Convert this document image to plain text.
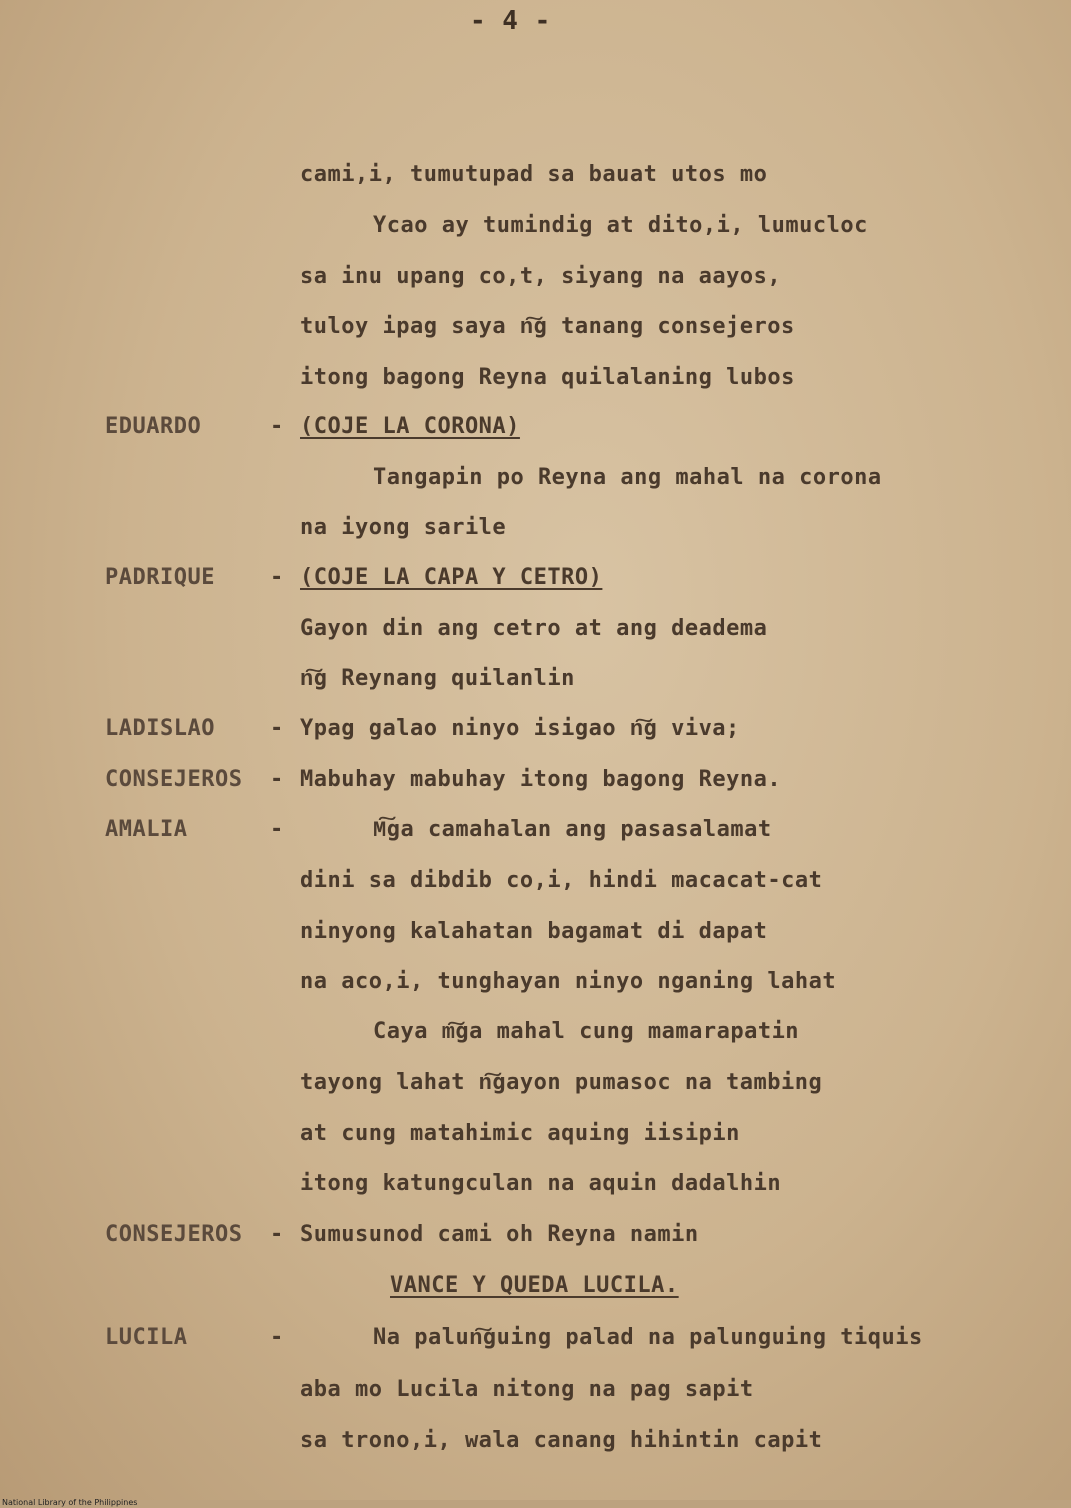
- 4 -
cami,i, tumutupad sa bauat utos mo
Ycao ay tumindig at dito,i, lumucloc
sa inu upang co,t, siyang na aayos,
tuloy ipag saya n͠g tanang consejeros
itong bagong Reyna quilalaning lubos
EDUARDO	- (COJE LA CORONA)
Tangapin po Reyna ang mahal na corona
na iyong sarile
PADRIQUE	- (COJE LA CAPA Y CETRO)
Gayon din ang cetro at ang deadema
n͠g Reynang quilanlin
LADISLAO	- Ypag galao ninyo isigao n͠g viva;
CONSEJEROS - Mabuhay mabuhay itong bagong Reyna.
AMALIA	-	M͠ga camahalan ang pasasalamat
dini sa dibdib co,i, hindi macacat-cat
ninyong kalahatan bagamat di dapat
na aco,i, tunghayan ninyo nganing lahat
Caya m͠ga mahal cung mamarapatin
tayong lahat n͠gayon pumasoc na tambing
at cung matahimic aquing iisipin
itong katungculan na aquin dadalhin
CONSEJEROS - Sumusunod cami oh Reyna namin
VANCE Y QUEDA LUCILA.
LUCILA	-	Na palun͠guing palad na palunguing tiquis
aba mo Lucila nitong na pag sapit
sa trono,i, wala canang hihintin capit
National Library of the Philippines
